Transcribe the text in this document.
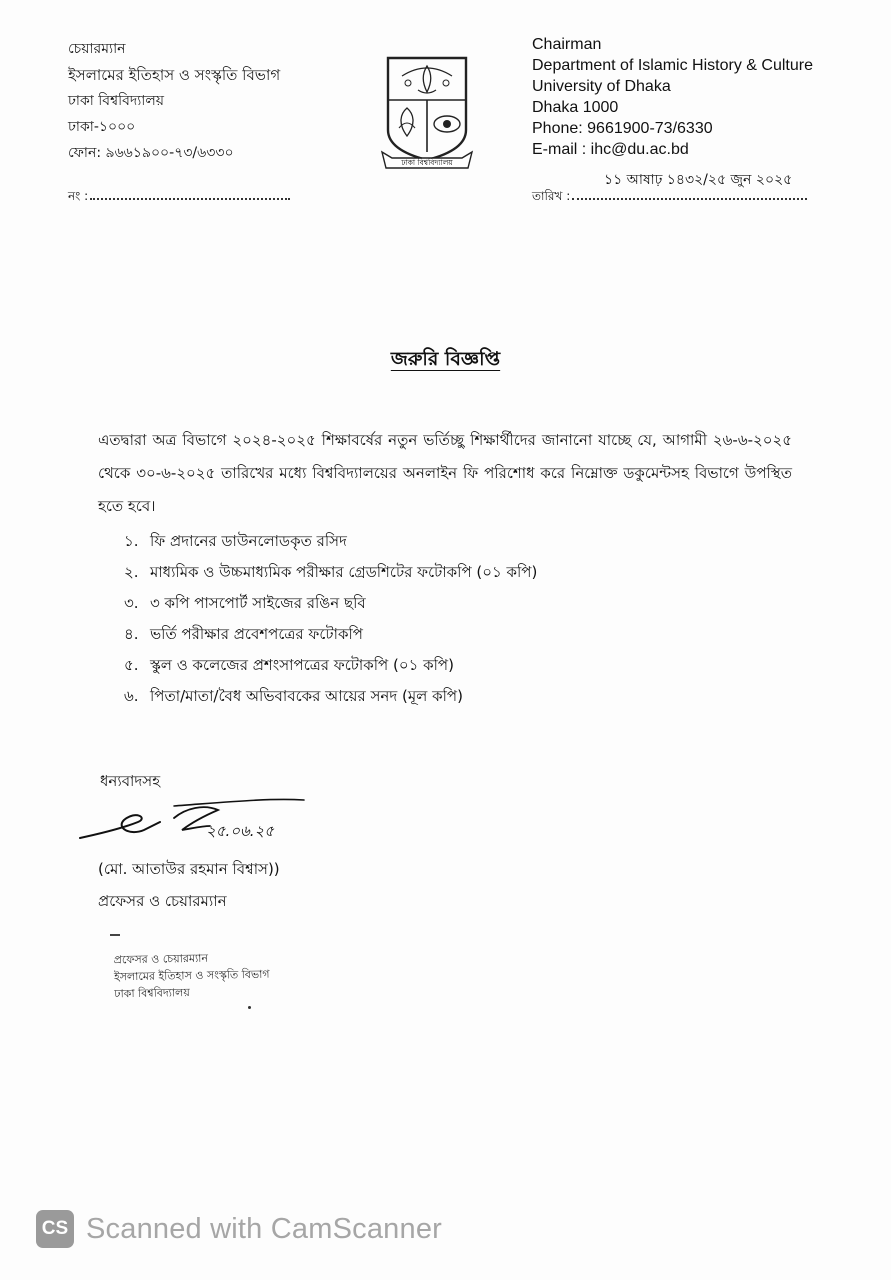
চেয়ারম্যান
ইসলামের ইতিহাস ও সংস্কৃতি বিভাগ
ঢাকা বিশ্ববিদ্যালয়
ঢাকা-১০০০
ফোন: ৯৬৬১৯০০-৭৩/৬৩৩০
নং :
ঢাকা বিশ্ববিদ্যালয়
Chairman
Department of Islamic History & Culture
University of Dhaka
Dhaka 1000
Phone: 9661900-73/6330
E-mail : ihc@du.ac.bd
১১ আষাঢ় ১৪৩২/২৫ জুন ২০২৫
তারিখ :
জরুরি বিজ্ঞপ্তি
এতদ্বারা অত্র বিভাগে ২০২৪-২০২৫ শিক্ষাবর্ষের নতুন ভর্তিচ্ছু শিক্ষার্থীদের জানানো যাচ্ছে যে, আগামী ২৬-৬-২০২৫ থেকে ৩০-৬-২০২৫ তারিখের মধ্যে বিশ্ববিদ্যালয়ের অনলাইন ফি পরিশোধ করে নিম্নোক্ত ডকুমেন্টসহ বিভাগে উপস্থিত হতে হবে।
১. ফি প্রদানের ডাউনলোডকৃত রসিদ
২. মাধ্যমিক ও উচ্চমাধ্যমিক পরীক্ষার গ্রেডশিটের ফটোকপি (০১ কপি)
৩. ৩ কপি পাসপোর্ট সাইজের রঙিন ছবি
৪. ভর্তি পরীক্ষার প্রবেশপত্রের ফটোকপি
৫. স্কুল ও কলেজের প্রশংসাপত্রের ফটোকপি (০১ কপি)
৬. পিতা/মাতা/বৈধ অভিবাবকের আয়ের সনদ (মূল কপি)
ধন্যবাদসহ
২৫.০৬.২৫
(মো. আতাউর রহমান বিশ্বাস))
প্রফেসর ও চেয়ারম্যান
প্রফেসর ও চেয়ারম্যান
ইসলামের ইতিহাস ও সংস্কৃতি বিভাগ
ঢাকা বিশ্ববিদ্যালয়
CS Scanned with CamScanner
